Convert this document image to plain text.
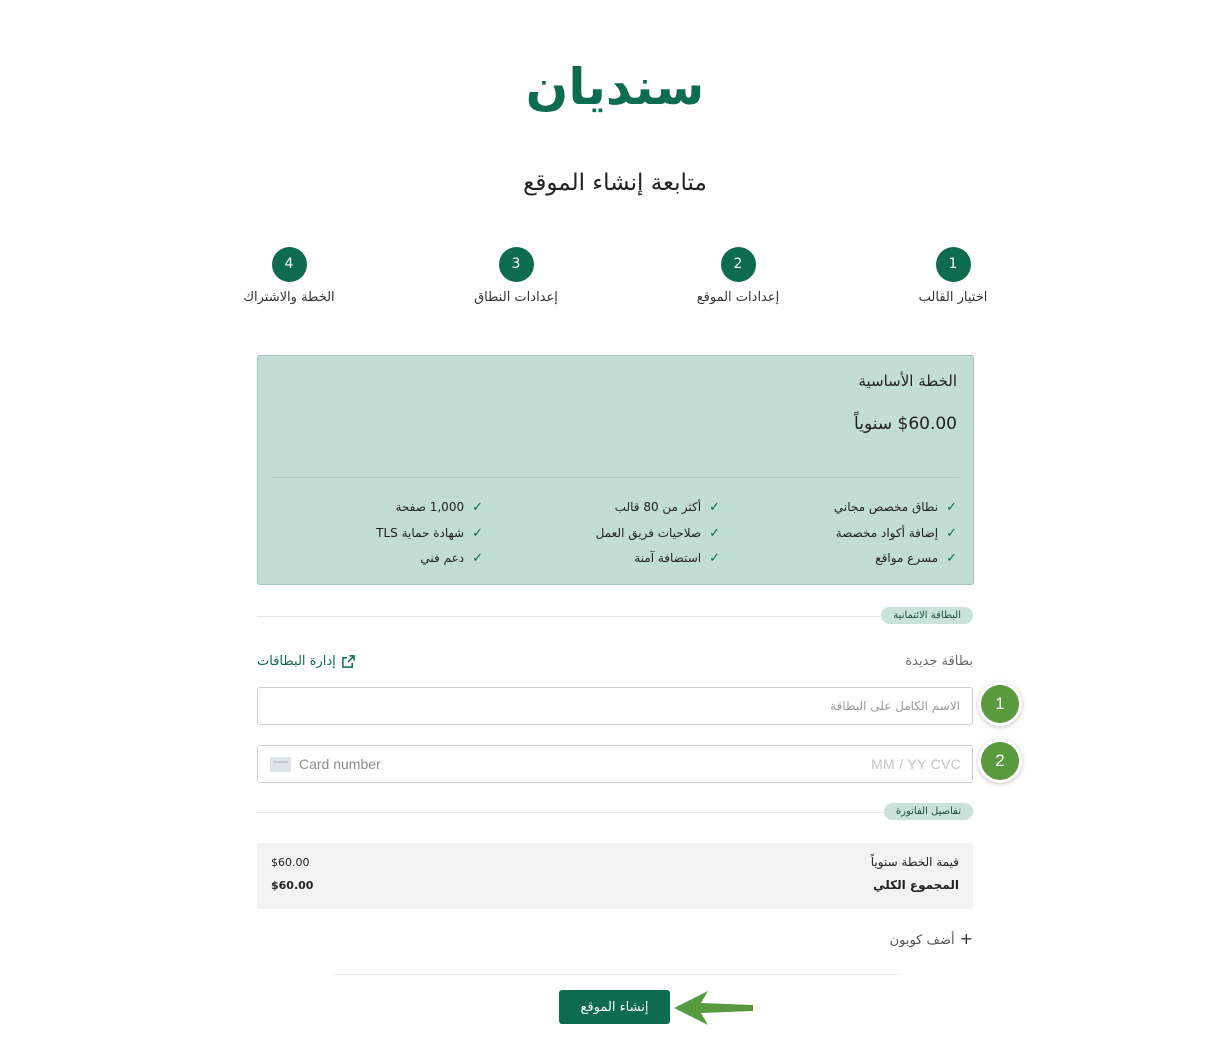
سنديان
متابعة إنشاء الموقع
1
اختيار القالب
2
إعدادات الموقع
3
إعدادات النطاق
4
الخطة والاشتراك
الخطة الأساسية
$60.00 سنوياً
✓نطاق مخصص مجاني
✓أكثر من 80 قالب
✓1,000 صفحة
✓إضافة أكواد مخصصة
✓صلاحيات فريق العمل
✓شهادة حماية TLS
✓مسرع مواقع
✓استضافة آمنة
✓دعم فني
البطاقة الائتمانية
بطاقة جديدة
إدارة البطاقات
الاسم الكامل على البطاقة
1
Card number	MM / YY CVC	2
تفاصيل الفاتورة
قيمة الخطة سنوياً
$60.00
المجموع الكلي
$60.00
+أضف كوبون
إنشاء الموقع
